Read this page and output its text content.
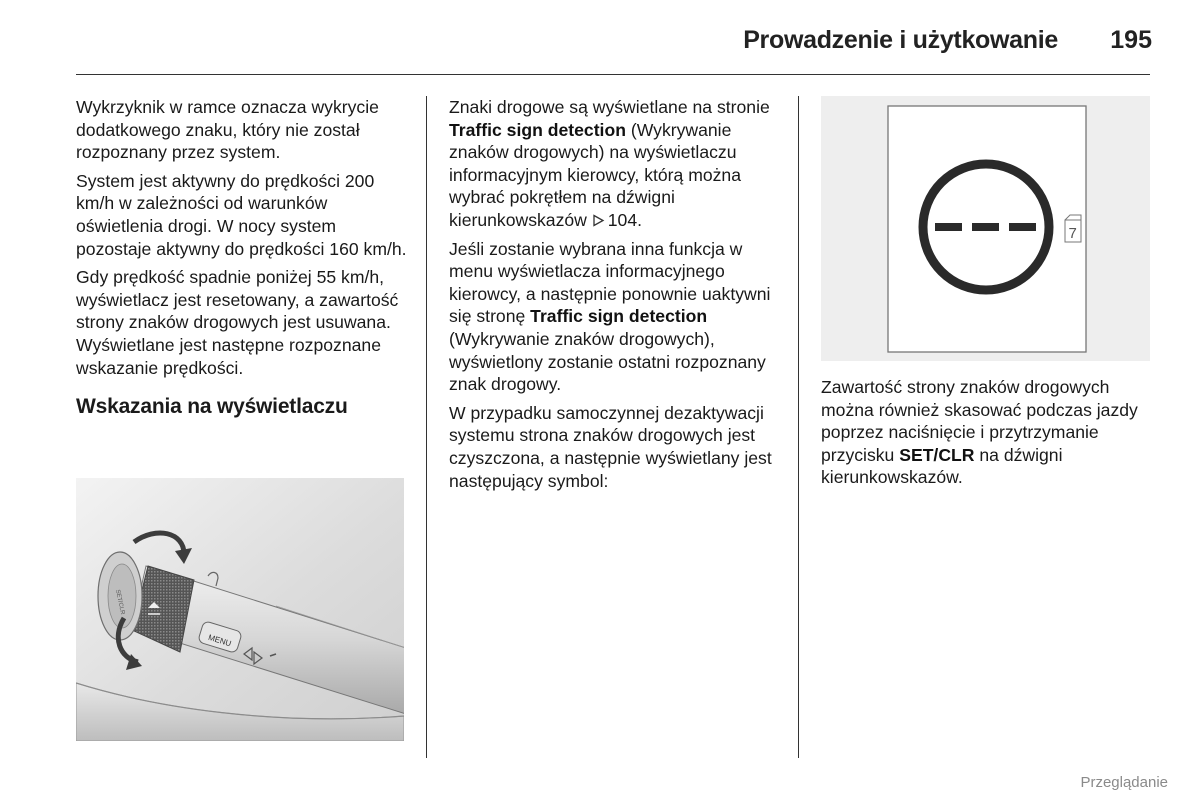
Prowadzenie i użytkowanie	195

Wykrzyknik w ramce oznacza wykrycie dodatkowego znaku, który nie został rozpoznany przez system.

System jest aktywny do prędkości 200 km/h w zależności od warunków oświetlenia drogi. W nocy system pozostaje aktywny do prędkości 160 km/h.

Gdy prędkość spadnie poniżej 55 km/h, wyświetlacz jest resetowany, a zawartość strony znaków drogowych jest usuwana. Wyświetlane jest następne rozpoznane wskazanie prędkości.

Wskazania na wyświetlaczu
MENU
SET/CLR

Znaki drogowe są wyświetlane na stronie Traffic sign detection (Wykrywanie znaków drogowych) na wyświetlaczu informacyjnym kierowcy, którą można wybrać pokrętłem na dźwigni kierunkowskazów 104.

Jeśli zostanie wybrana inna funkcja w menu wyświetlacza informacyjnego kierowcy, a następnie ponownie uaktywni się stronę Traffic sign detection (Wykrywanie znaków drogowych), wyświetlony zostanie ostatni rozpoznany znak drogowy.

W przypadku samoczynnej dezaktywacji systemu strona znaków drogowych jest czyszczona, a następnie wyświetlany jest następujący symbol:

7

Zawartość strony znaków drogowych można również skasować podczas jazdy poprzez naciśnięcie i przytrzymanie przycisku SET/CLR na dźwigni kierunkowskazów.

Przeglądanie
